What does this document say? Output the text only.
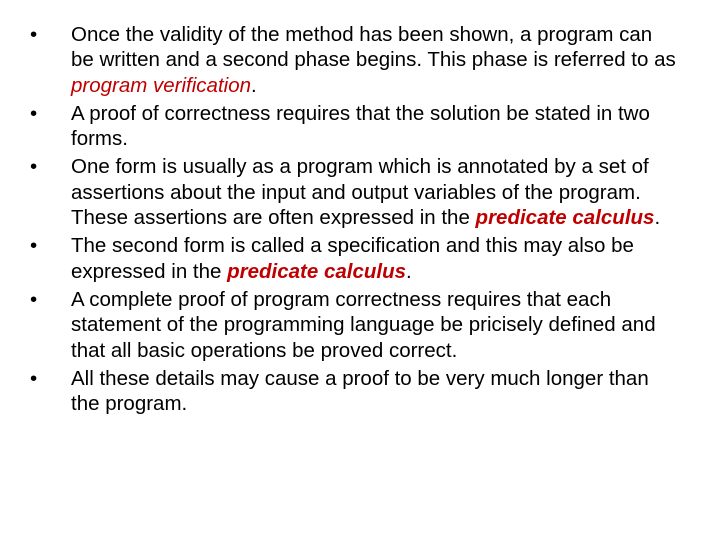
•	Once the validity of the method has been shown, a program can be written and a second phase begins. This phase is referred to as program verification.
•	A proof of correctness requires that the solution be stated in two forms.
•	One form is usually as a program which is annotated by a set of assertions about the input and output variables of the program. These assertions are often expressed in the predicate calculus.
•	The second form is called a specification and this may also be expressed in the predicate calculus.
•	A complete proof of program correctness requires that each statement of the programming language be pricisely defined and that all basic operations be proved correct.
•	All these details may cause a proof to be very much longer than the program.
